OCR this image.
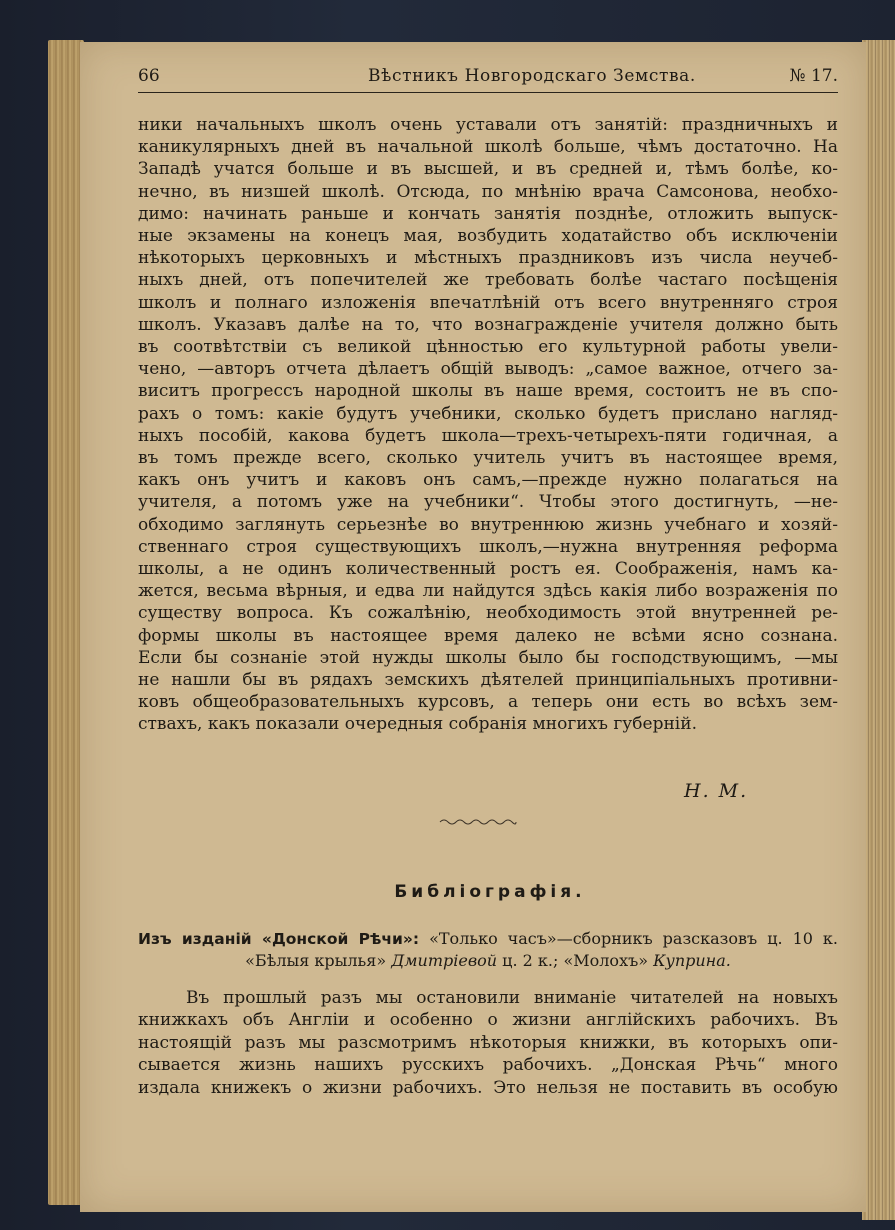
66	Вѣстникъ Новгородскаго Земства.	№ 17.
ники начальныхъ школъ очень уставали отъ занятій: праздничныхъ и
каникулярныхъ дней въ начальной школѣ больше, чѣмъ достаточно. На
Западѣ учатся больше и въ высшей, и въ средней и, тѣмъ болѣе, ко-
нечно, въ низшей школѣ. Отсюда, по мнѣнію врача Самсонова, необхо-
димо: начинать раньше и кончать занятія позднѣе, отложить выпуск-
ные экзамены на конецъ мая, возбудить ходатайство объ исключеніи
нѣкоторыхъ церковныхъ и мѣстныхъ праздниковъ изъ числа неучеб-
ныхъ дней, отъ попечителей же требовать болѣе частаго посѣщенія
школъ и полнаго изложенія впечатлѣній отъ всего внутренняго строя
школъ. Указавъ далѣе на то, что вознагражденіе учителя должно быть
въ соотвѣтствіи съ великой цѣнностью его культурной работы увели-
чено, —авторъ отчета дѣлаетъ общій выводъ: „самое важное, отчего за-
виситъ прогрессъ народной школы въ наше время, состоитъ не въ спо-
рахъ о томъ: какіе будутъ учебники, сколько будетъ прислано нагляд-
ныхъ пособій, какова будетъ школа—трехъ-четырехъ-пяти годичная, а
въ томъ прежде всего, сколько учитель учитъ въ настоящее время,
какъ онъ учитъ и каковъ онъ самъ,—прежде нужно полагаться на
учителя, а потомъ уже на учебники“. Чтобы этого достигнуть, —не-
обходимо заглянуть серьезнѣе во внутреннюю жизнь учебнаго и хозяй-
ственнаго строя существующихъ школъ,—нужна внутренняя реформа
школы, а не одинъ количественный ростъ ея. Соображенія, намъ ка-
жется, весьма вѣрныя, и едва ли найдутся здѣсь какія либо возраженія по
существу вопроса. Къ сожалѣнію, необходимость этой внутренней ре-
формы школы въ настоящее время далеко не всѣми ясно сознана.
Если бы сознаніе этой нужды школы было бы господствующимъ, —мы
не нашли бы въ рядахъ земскихъ дѣятелей принципіальныхъ противни-
ковъ общеобразовательныхъ курсовъ, а теперь они есть во всѣхъ зем-
ствахъ, какъ показали очередныя собранія многихъ губерній.
Н. М.
Библіографія.
Изъ изданій «Донской Рѣчи»: «Только часъ»—сборникъ разсказовъ ц. 10 к.
«Бѣлыя крылья» Дмитріевой ц. 2 к.; «Молохъ» Куприна.
Въ прошлый разъ мы остановили вниманіе читателей на новыхъ
книжкахъ объ Англіи и особенно о жизни англійскихъ рабочихъ. Въ
настоящій разъ мы разсмотримъ нѣкоторыя книжки, въ которыхъ опи-
сывается жизнь нашихъ русскихъ рабочихъ. „Донская Рѣчь“ много
издала книжекъ о жизни рабочихъ. Это нельзя не поставить въ особую
